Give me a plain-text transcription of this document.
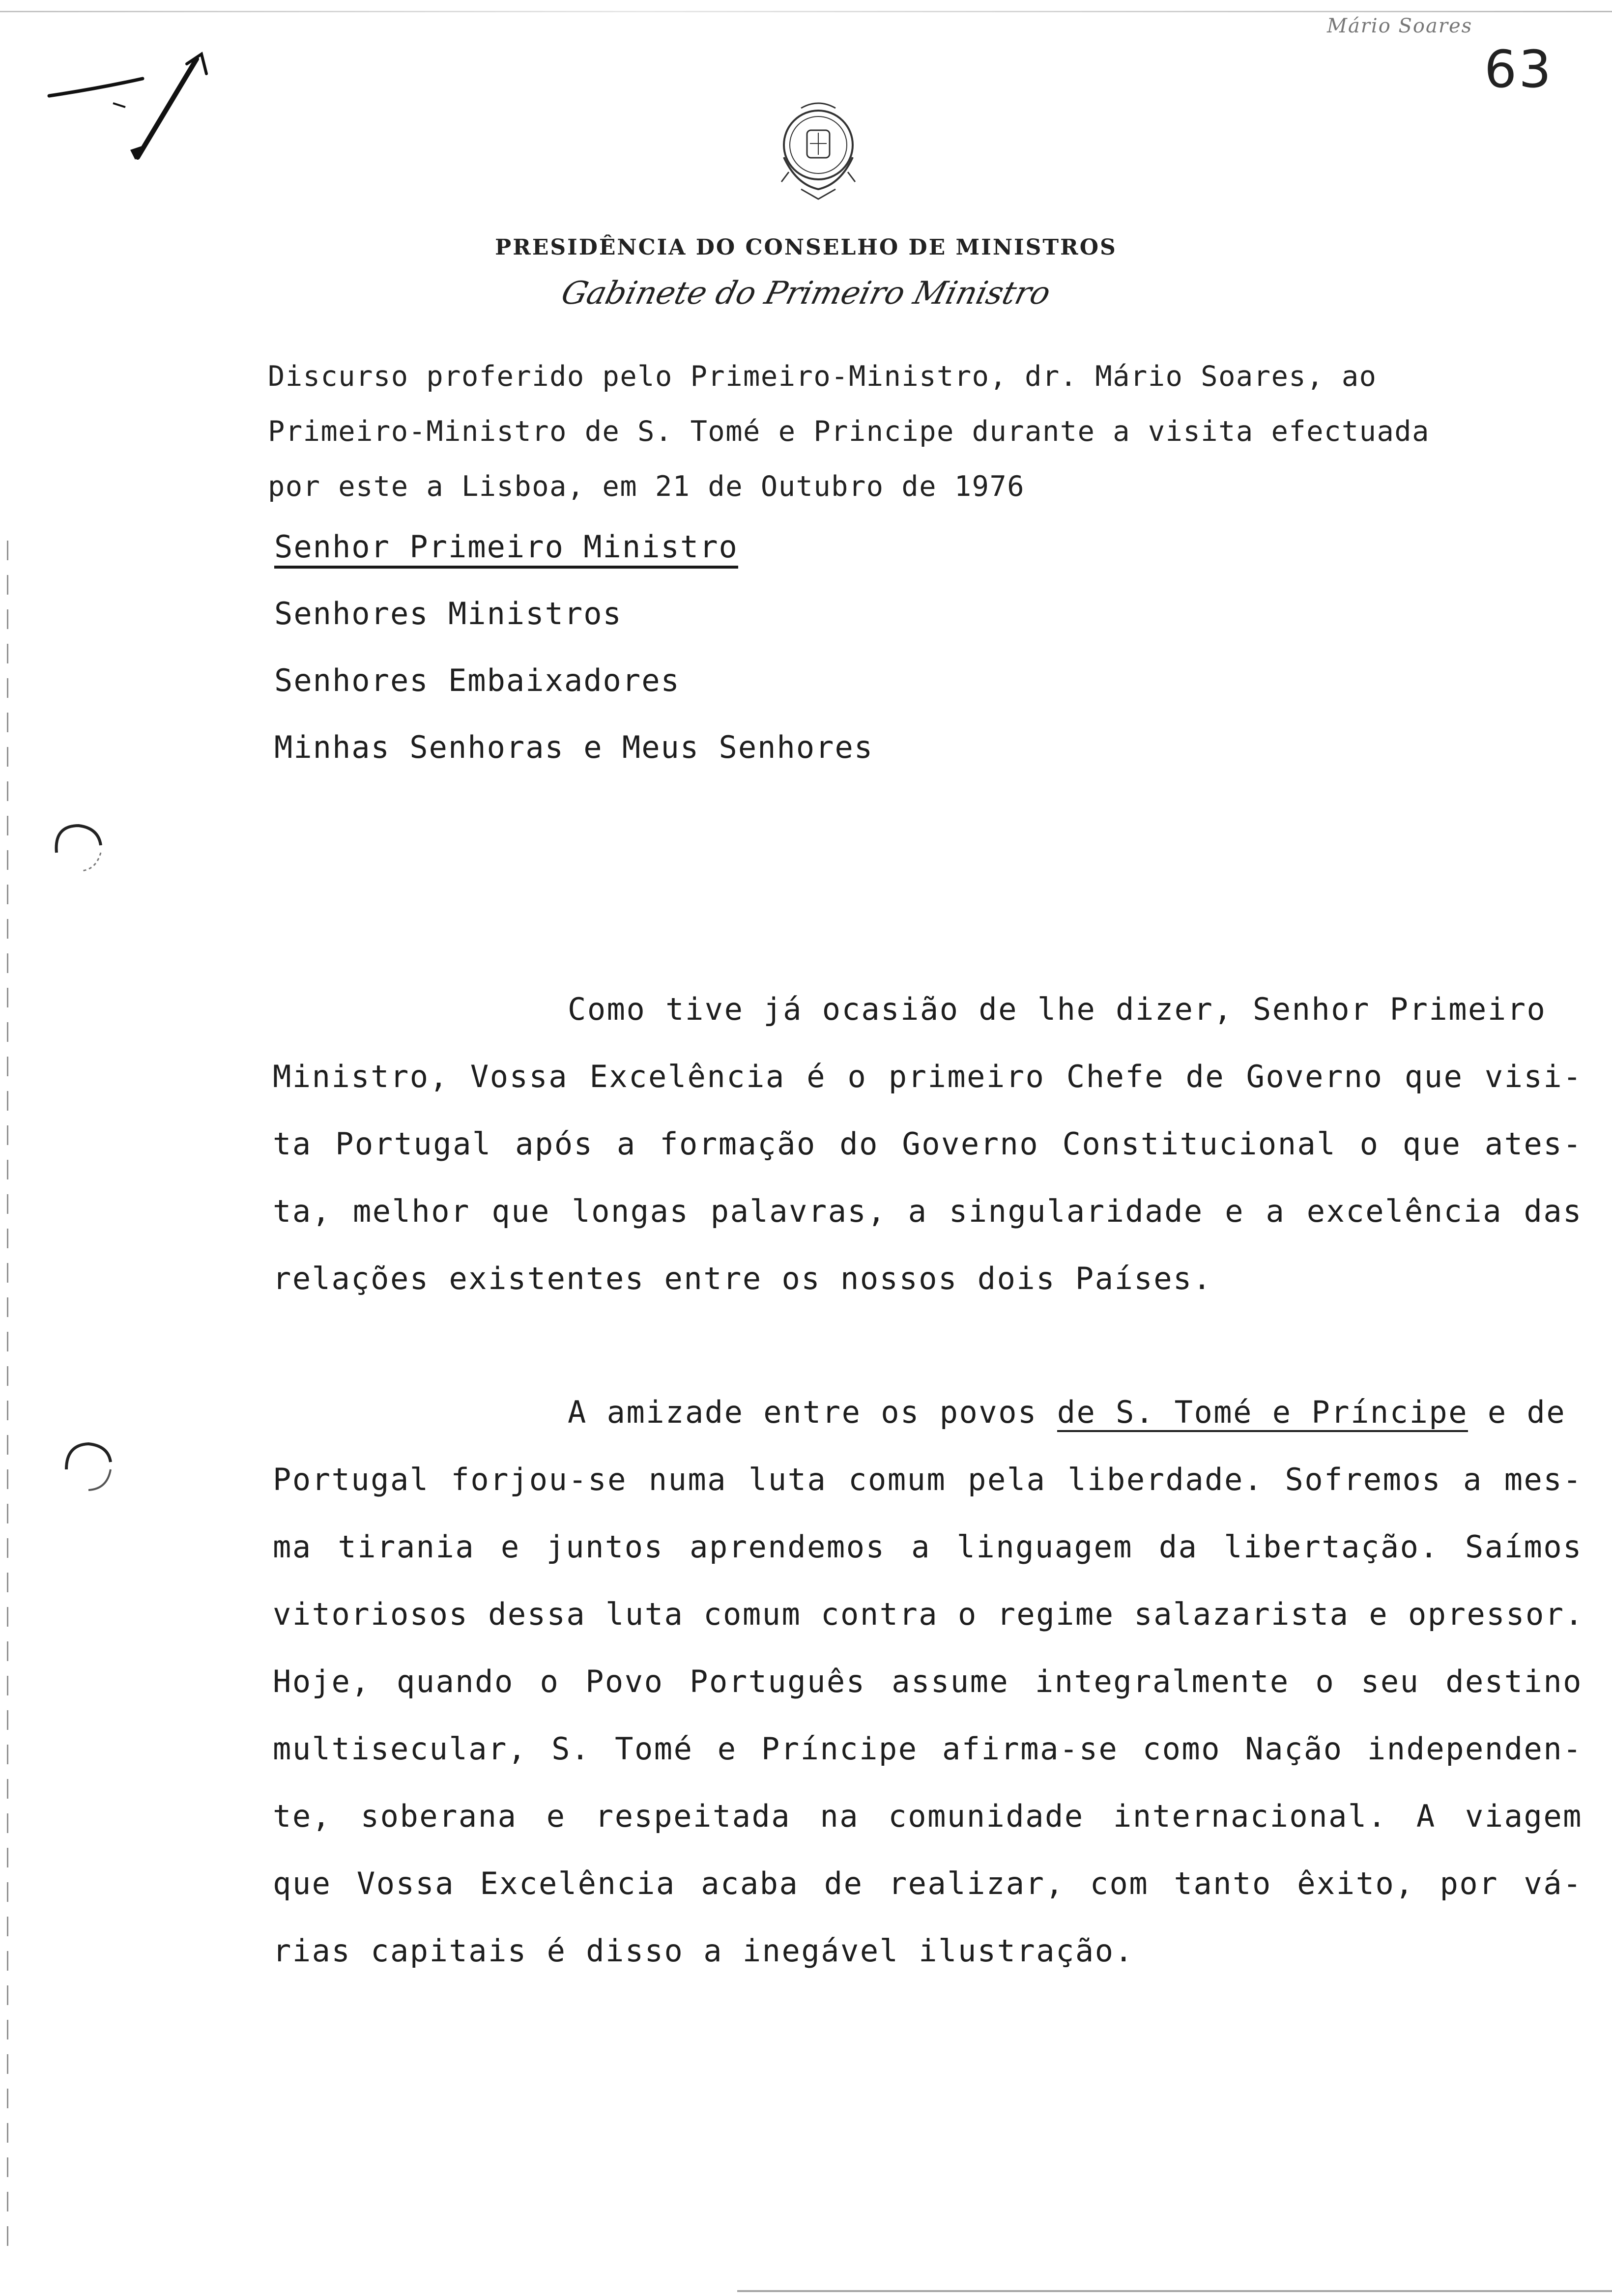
Mário Soares
63
PRESIDÊNCIA DO CONSELHO DE MINISTROS
Gabinete do Primeiro Ministro
Discurso proferido pelo Primeiro-Ministro, dr. Mário Soares, ao
Primeiro-Ministro de S. Tomé e Principe durante a visita efectuada
por este a Lisboa, em 21 de Outubro de 1976
Senhor Primeiro Ministro
Senhores Ministros
Senhores Embaixadores
Minhas Senhoras e Meus Senhores
Como tive já ocasião de lhe dizer, Senhor Primeiro
Ministro, Vossa Excelência é o primeiro Chefe de Governo que visi-
ta Portugal após a formação do Governo Constitucional o que ates-
ta, melhor que longas palavras, a singularidade e a excelência das
relações existentes entre os nossos dois Países.
A amizade entre os povos de S. Tomé e Príncipe e de
Portugal forjou-se numa luta comum pela liberdade. Sofremos a mes-
ma tirania e juntos aprendemos a linguagem da libertação. Saímos
vitoriosos dessa luta comum contra o regime salazarista e opressor.
Hoje, quando o Povo Português assume integralmente o seu destino
multisecular, S. Tomé e Príncipe afirma-se como Nação independen-
te, soberana e respeitada na comunidade internacional. A viagem
que Vossa Excelência acaba de realizar, com tanto êxito, por vá-
rias capitais é disso a inegável ilustração.
